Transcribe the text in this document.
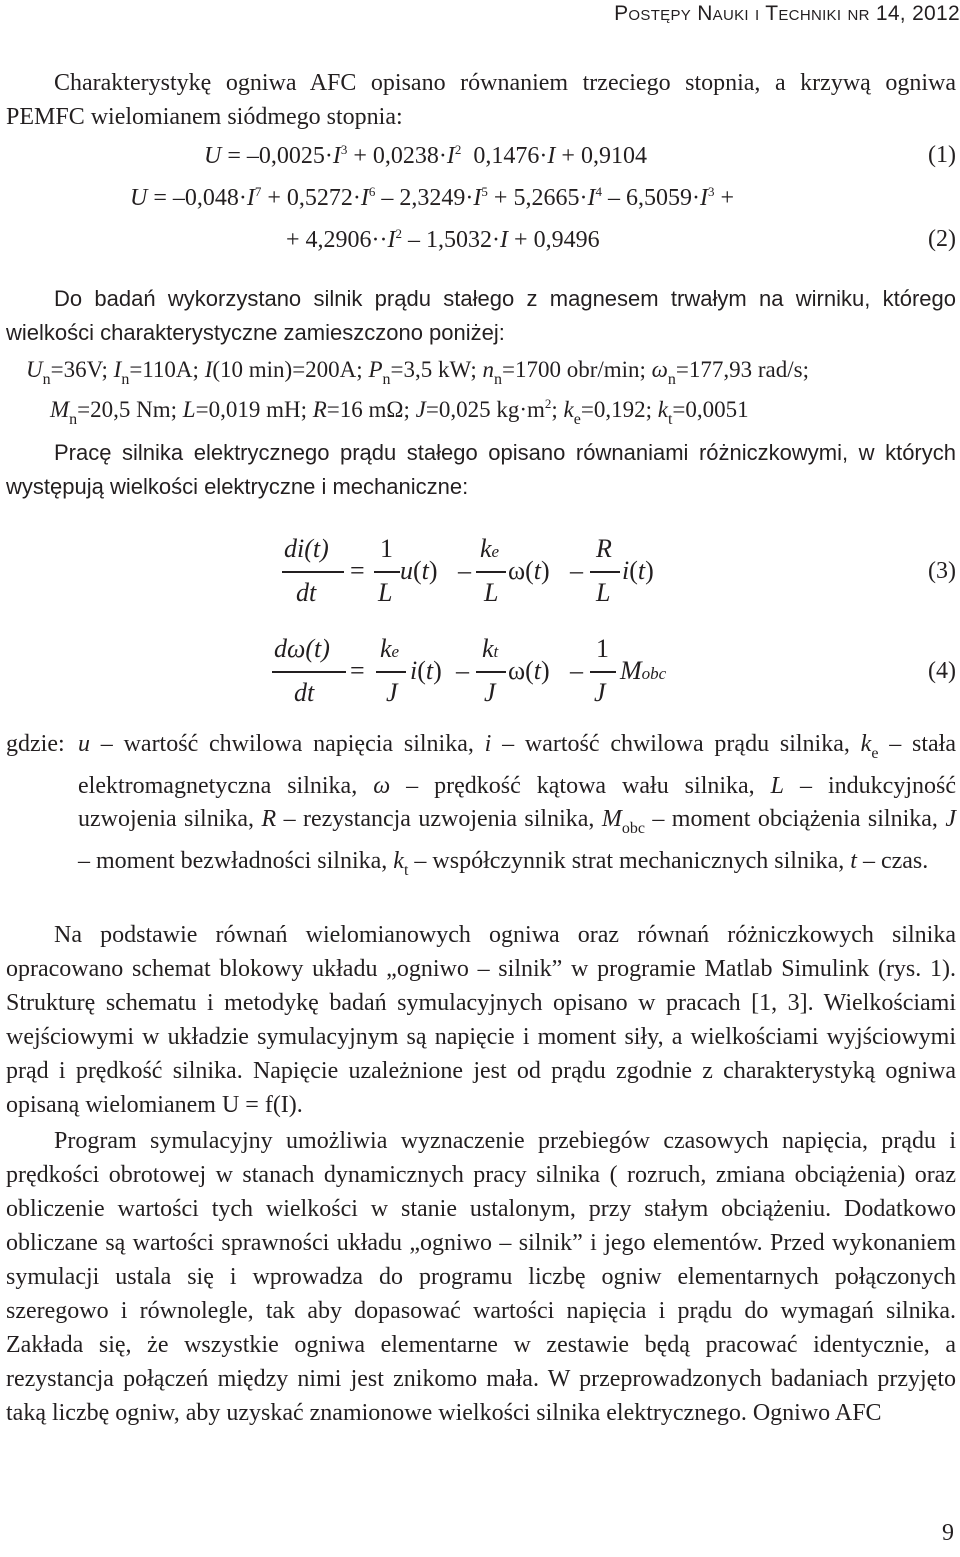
Postępy Nauki i Techniki nr 14, 2012

Charakterystykę ogniwa AFC opisano równaniem trzeciego stopnia, a krzywą ogniwa PEMFC wielomianem siódmego stopnia:

$U = -0,0025\cdot I^3 + 0,0238\cdot I^2$  0,1476·I + 0,9104	(1)
$U = -0,048\cdot I^7 + 0,5272\cdot I^6 - 2,3249\cdot I^5 + 5,2665\cdot I^4 - 6,5059\cdot I^3$ +
+ $4,2906\cdot\cdot I^2 - 1,5032\cdot I + 0,9496$	(2)

Do badań wykorzystano silnik prądu stałego z magnesem trwałym na wirniku, którego wielkości charakterystyczne zamieszczono poniżej:

$U_n=36V$; $I_n=110A$; I(10 min)=200A; $P_n=3,5$ kW; $n_n=1700$ obr/min; $\omega_n=177,93$ rad/s;
$M_n=20,5$ Nm; L=0,019 mH; R=16 mΩ; J=0,025 $kg\cdot m^2$; $k_e=0,192$; $k_t=0,0051$

Pracę silnika elektrycznego prądu stałego opisano równaniami różniczkowymi, w których występują wielkości elektryczne i mechaniczne:

di(t)
dt
=
1
L
u(t) –
ke
L
ω(t) –
R
L
i(t)	(3)
dω(t)
dt
=
ke
J
i(t) –
kt
J
ω(t) –
1
J
Mobc	(4)
gdzie: u – wartość chwilowa napięcia silnika, i – wartość chwilowa prądu silnika, $k_e$ – stała elektromagnetyczna silnika, ω – prędkość kątowa wału silnika, L – indukcyjność uzwojenia silnika, R – rezystancja uzwojenia silnika, $M_{obc}$ – moment obciążenia silnika, J – moment bezwładności silnika, $k_t$ – współczynnik strat mechanicznych silnika, t – czas.

Na podstawie równań wielomianowych ogniwa oraz równań różniczkowych silnika opracowano schemat blokowy układu „ogniwo – silnik” w programie Matlab Simulink (rys. 1). Strukturę schematu i metodykę badań symulacyjnych opisano w pracach [1, 3]. Wielkościami wejściowymi w układzie symulacyjnym są napięcie i moment siły, a wielkościami wyjściowymi prąd i prędkość silnika. Napięcie uzależnione jest od prądu zgodnie z charakterystyką ogniwa opisaną wielomianem U = f(I).

Program symulacyjny umożliwia wyznaczenie przebiegów czasowych napięcia, prądu i prędkości obrotowej w stanach dynamicznych pracy silnika ( rozruch, zmiana obciążenia) oraz obliczenie wartości tych wielkości w stanie ustalonym, przy stałym obciążeniu. Dodatkowo obliczane są wartości sprawności układu „ogniwo – silnik” i jego elementów. Przed wykonaniem symulacji ustala się i wprowadza do programu liczbę ogniw elementarnych połączonych szeregowo i równolegle, tak aby dopasować wartości napięcia i prądu do wymagań silnika. Zakłada się, że wszystkie ogniwa elementarne w zestawie będą pracować identycznie, a rezystancja połączeń między nimi jest znikomo mała. W przeprowadzonych badaniach przyjęto taką liczbę ogniw, aby uzyskać znamionowe wielkości silnika elektrycznego. Ogniwo AFC

9
